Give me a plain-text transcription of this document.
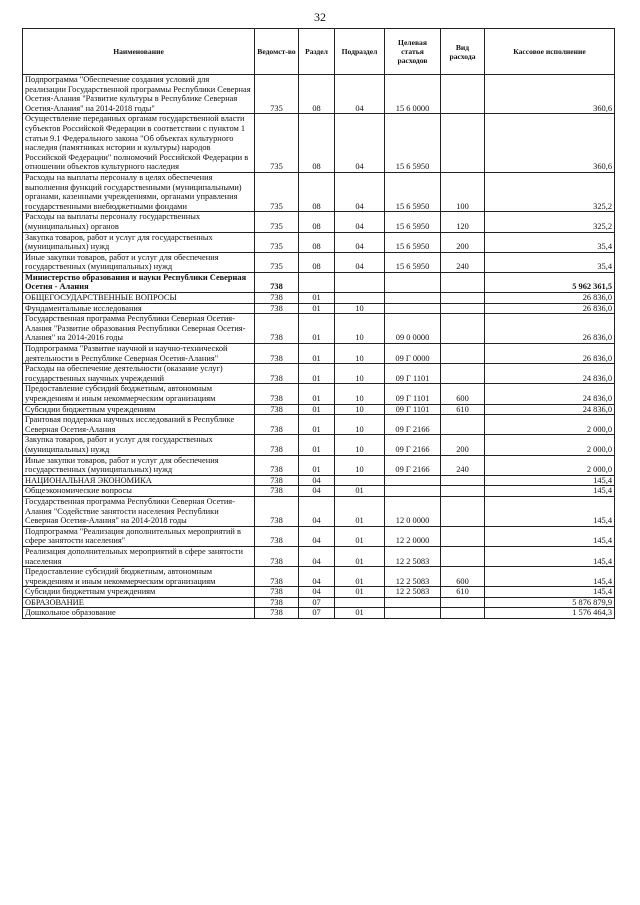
32
Наименование	Ведомст-во	Раздел	Подраздел	Целевая статья расходов	Вид расхода	Кассовое исполнение
Подпрограмма "Обеспечение создания условий для реализации Государственной программы Республики Северная Осетия-Алания "Развитие культуры в Республике Северная Осетия-Алания" на 2014-2018 годы"	735	08	04	15 6 0000		360,6
Осуществление переданных органам государственной власти субъектов Российской Федерации в соответствии с пунктом 1 статьи 9.1 Федерального закона "Об объектах культурного наследия (памятниках истории и культуры) народов Российской Федерации" полномочий Российской Федерации в отношении объектов культурного наследия	735	08	04	15 6 5950		360,6
Расходы на выплаты персоналу в целях обеспечения выполнения функций государственными (муниципальными) органами, казенными учреждениями, органами управления государственными внебюджетными фондами	735	08	04	15 6 5950	100	325,2
Расходы на выплаты персоналу государственных (муниципальных) органов	735	08	04	15 6 5950	120	325,2
Закупка товаров, работ и услуг для государственных (муниципальных) нужд	735	08	04	15 6 5950	200	35,4
Иные закупки товаров, работ и услуг для обеспечения государственных (муниципальных) нужд	735	08	04	15 6 5950	240	35,4
Министерство образования и науки Республики Северная Осетия - Алания	738					5 962 361,5
ОБЩЕГОСУДАРСТВЕННЫЕ ВОПРОСЫ	738	01				26 836,0
Фундаментальные исследования	738	01	10			26 836,0
Государственная программа Республики Северная Осетия-Алания "Развитие образования Республики Северная Осетия-Алания" на 2014-2016 годы	738	01	10	09 0 0000		26 836,0
Подпрограмма "Развитие научной и научно-технической деятельности в Республике Северная Осетия-Алания"	738	01	10	09 Г 0000		26 836,0
Расходы на обеспечение деятельности (оказание услуг) государственных научных учреждений	738	01	10	09 Г 1101		24 836,0
Предоставление субсидий бюджетным, автономным учреждениям и иным некоммерческим организациям	738	01	10	09 Г 1101	600	24 836,0
Субсидии бюджетным учреждениям	738	01	10	09 Г 1101	610	24 836,0
Грантовая поддержка научных исследований в Республике Северная Осетия-Алания	738	01	10	09 Г 2166		2 000,0
Закупка товаров, работ и услуг для государственных (муниципальных) нужд	738	01	10	09 Г 2166	200	2 000,0
Иные закупки товаров, работ и услуг для обеспечения государственных (муниципальных) нужд	738	01	10	09 Г 2166	240	2 000,0
НАЦИОНАЛЬНАЯ ЭКОНОМИКА	738	04				145,4
Общеэкономические вопросы	738	04	01			145,4
Государственная программа Республики Северная Осетия-Алания "Содействие занятости населения Республики Северная Осетия-Алания" на 2014-2018 годы	738	04	01	12 0 0000		145,4
Подпрограмма "Реализация дополнительных мероприятий в сфере занятости населения"	738	04	01	12 2 0000		145,4
Реализация дополнительных мероприятий в сфере занятости населения	738	04	01	12 2 5083		145,4
Предоставление субсидий бюджетным, автономным учреждениям и иным некоммерческим организациям	738	04	01	12 2 5083	600	145,4
Субсидии бюджетным учреждениям	738	04	01	12 2 5083	610	145,4
ОБРАЗОВАНИЕ	738	07				5 876 879,9
Дошкольное образование	738	07	01			1 576 464,3
